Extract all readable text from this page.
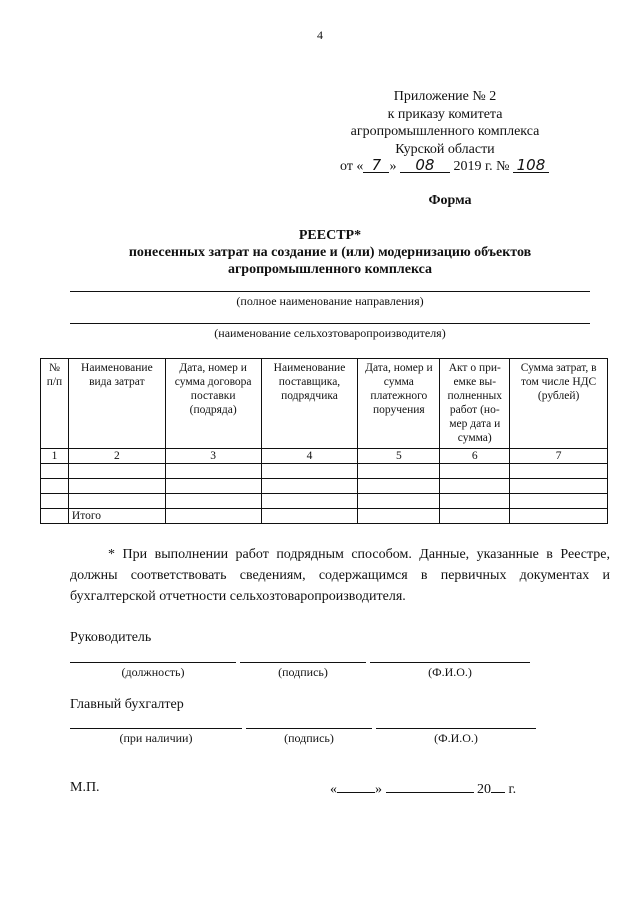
4
Приложение № 2
к приказу комитета
агропромышленного комплекса
Курской области
от « 7 » 08 2019 г. № 108
Форма
РЕЕСТР*
понесенных затрат на создание и (или) модернизацию объектов
агропромышленного комплекса
(полное наименование направления)
(наименование сельхозтоваропроизводителя)
№ п/п	Наименование вида затрат	Дата, номер и сумма договора поставки (подряда)	Наименование поставщика, подрядчика	Дата, номер и сумма платежного поручения	Акт о при-емке вы-полненных работ (но-мер дата и сумма)	Сумма затрат, в том числе НДС (рублей)
1	2	3	4	5	6	7

	Итого					

* При выполнении работ подрядным способом. Данные, указанные в Реестре, должны соответствовать сведениям, содержащимся в первичных документах и бухгалтерской отчетности сельхозтоваропроизводителя.

Руководитель
(должность)	(подпись)	(Ф.И.О.)
Главный бухгалтер
(при наличии)	(подпись)	(Ф.И.О.)
М.П.	«	»	20 г.
